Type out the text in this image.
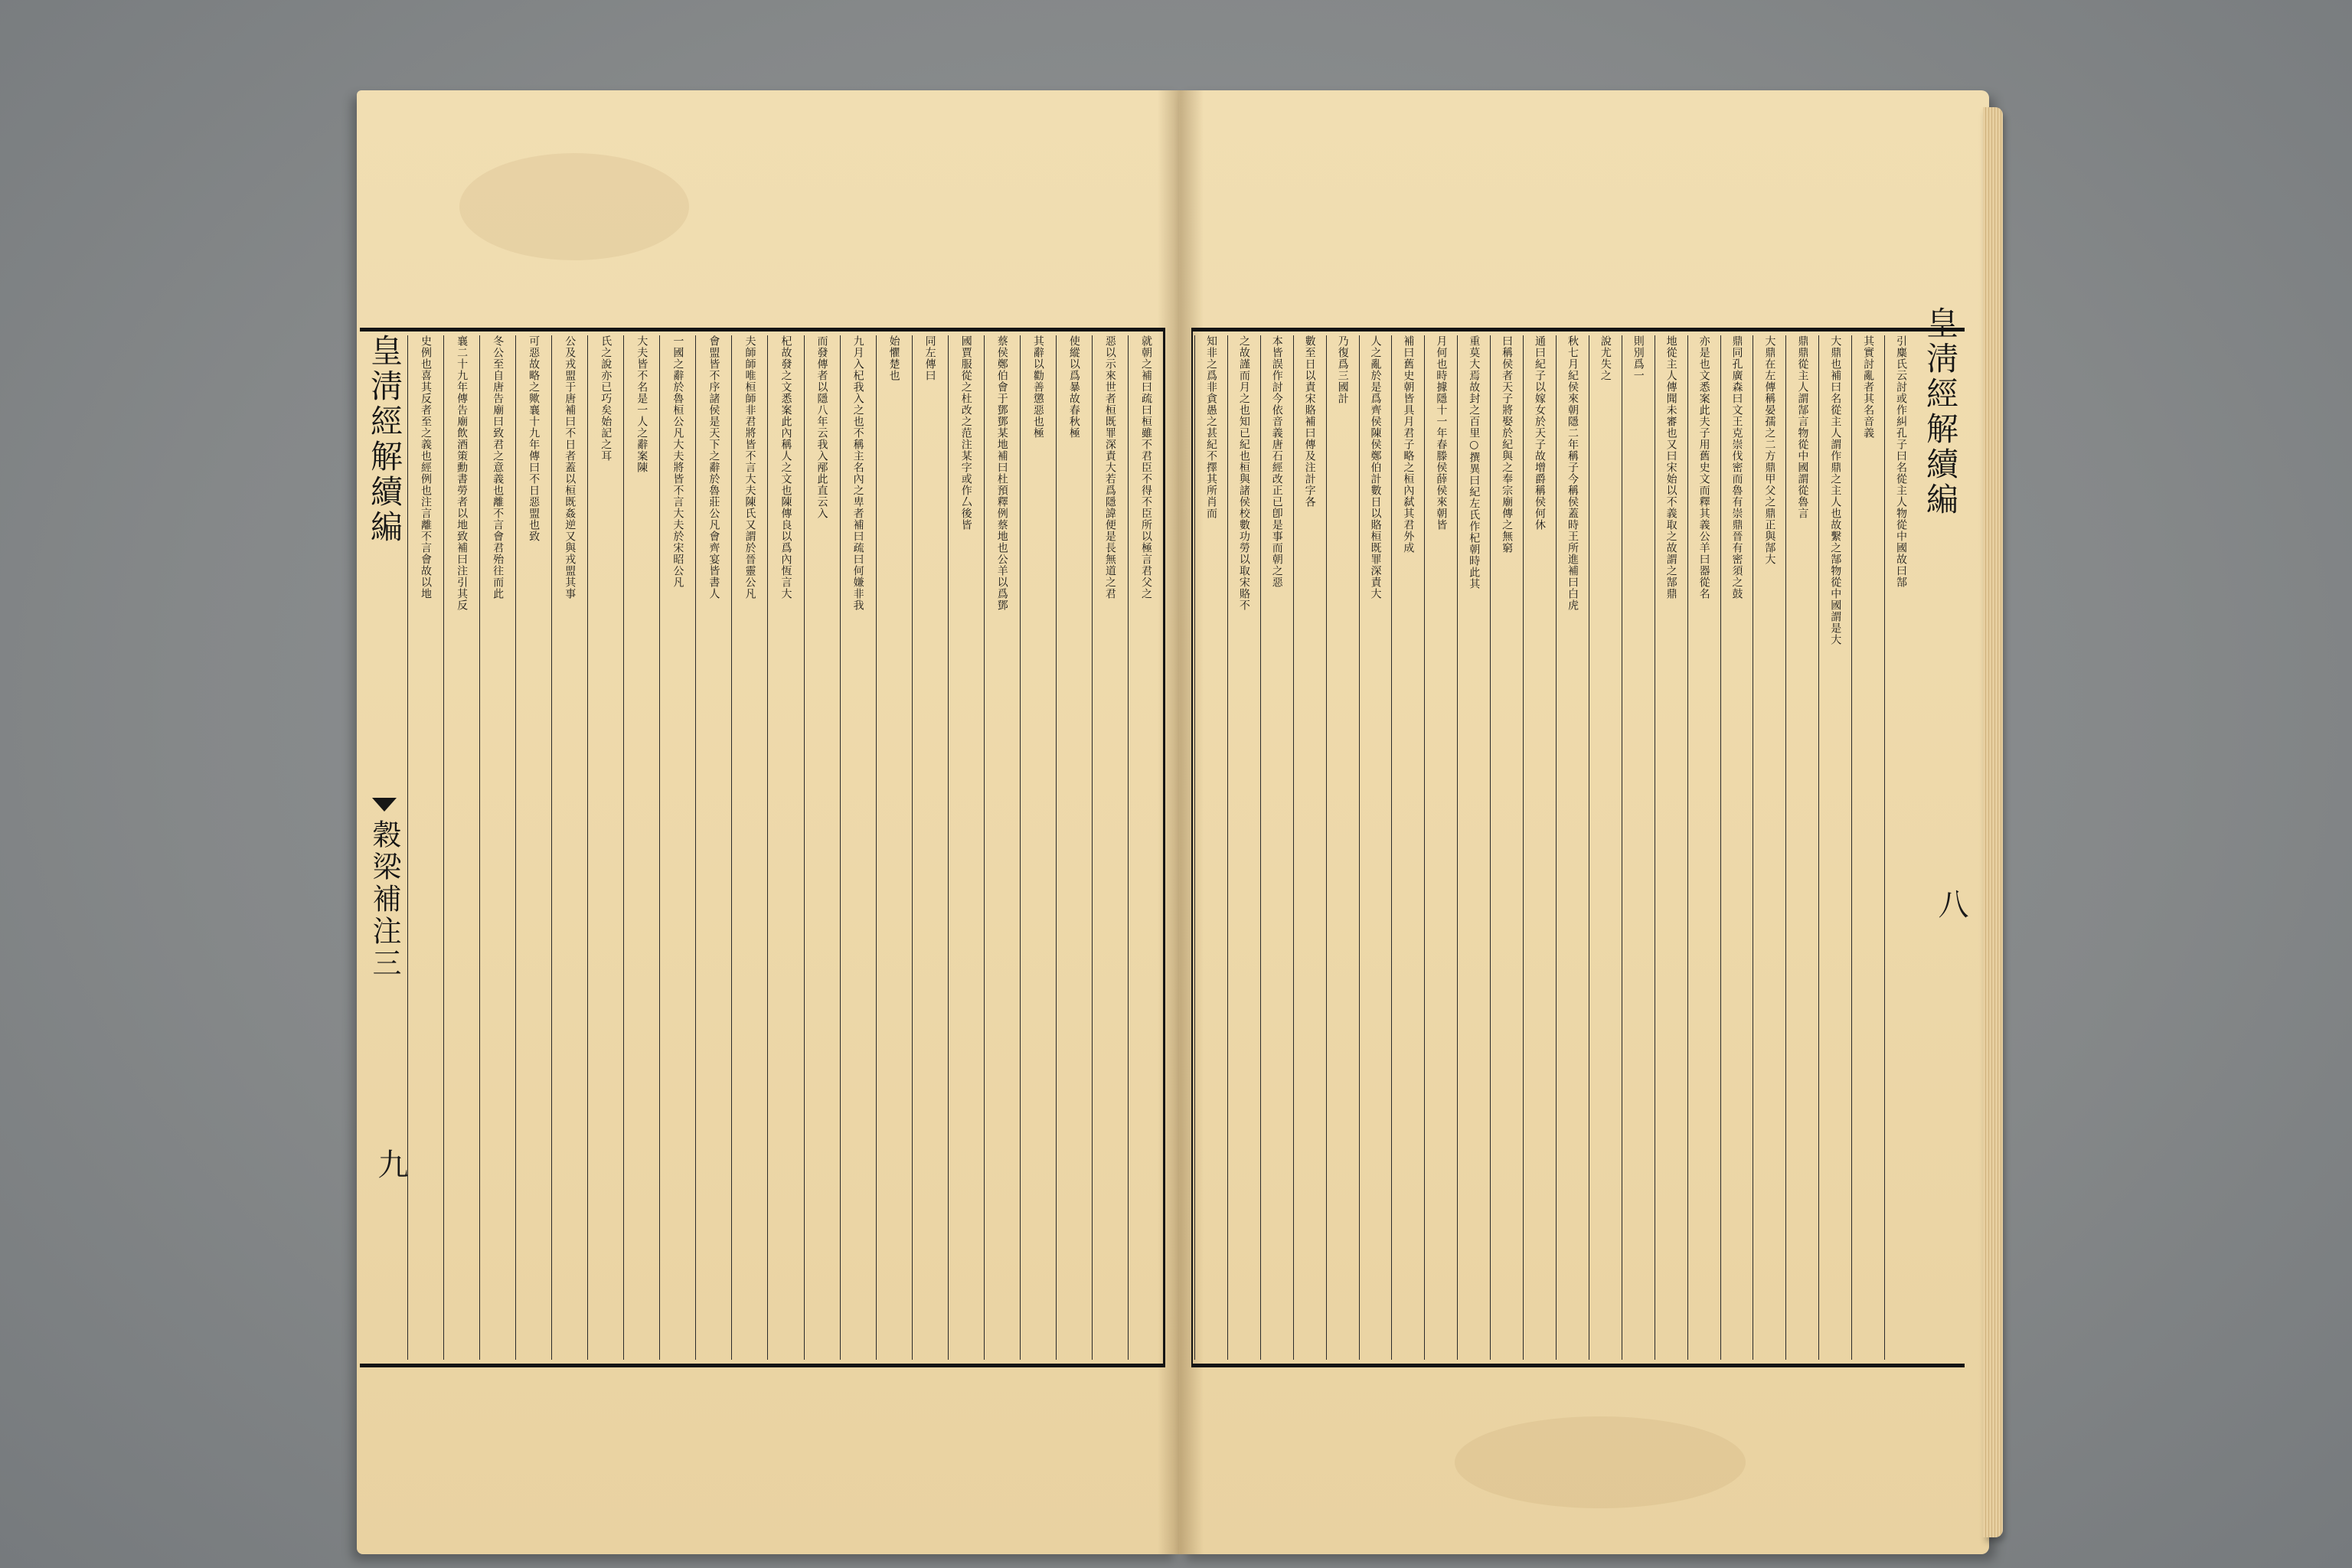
皇淸經解續編
穀梁補注三
九
皇淸經解續編
八
就朝之補曰疏曰桓雖不君臣不得不臣所以極言君父之
惡以示來世者桓既罪深責大若爲隱諱便是長無道之君
使縱以爲暴故春秋極
其辭以勸善懲惡也極
蔡侯鄭伯會于鄧鄧某地補曰杜預釋例蔡地也公羊以爲鄧
國賈服從之杜改之范注某字或作厶後皆
同左傳曰
始懼楚也
九月入杞我入之也不稱主名內之卑者補曰疏曰何嫌非我
而發傳者以隱八年云我入邴此直云入
杞故發之文悉案此內稱人之文也陳傳良以爲內恆言大
夫師師唯桓師非君將皆不言大夫陳氏又謂於晉靈公凡
會盟皆不序諸侯是天下之辭於魯莊公凡會齊宴皆書人
一國之辭於魯桓公凡大夫將皆不言大夫於宋昭公凡
大夫皆不名是一人之辭案陳
氏之說亦已巧矣始記之耳
公及戎盟于唐補曰不日者蓋以桓既姦逆又與戎盟其事
可惡故略之歟襄十九年傳曰不日惡盟也致
冬公至自唐告廟曰致君之意義也離不言會君殆往而此
襄二十九年傳告廟飲酒策勳書勞者以地致補曰注引其反
史例也喜其反者至之義也經例也注言離不言會故以地	引麋氏云討或作糾孔子曰名從主人物從中國故曰郜
其實討亂者其名音義
大鼎也補曰名從主人謂作鼎之主人也故繫之郜物從中國謂是大
鼎鼎從主人謂郜言物從中國謂從魯言
大鼎在左傳稱晏孺之二方鼎甲父之鼎正與郜大
鼎同孔廣森曰文王克崇伐密而魯有崇鼎晉有密須之鼓
亦是也文悉案此夫子用舊史文而釋其義公羊曰器從名
地從主人傳聞未審也又曰宋始以不義取之故謂之郜鼎
則別爲一
說尤失之
秋七月紀侯來朝隱二年稱子今稱侯蓋時王所進補曰白虎
通曰紀子以嫁女於天子故增爵稱侯何休
曰稱侯者天子將娶於紀與之奉宗廟傳之無窮
重莫大焉故封之百里○撰異曰紀左氏作杞朝時此其
月何也時據隱十一年春滕侯薛侯來朝皆
補曰舊史朝皆具月君子略之桓內弑其君外成
人之亂於是爲齊侯陳侯鄭伯計數日以賂桓既罪深責大
乃復爲三國計
數至日以責宋賂補曰傳及注計字各
本皆誤作討今依音義唐石經改正已卽是事而朝之惡
之故謹而月之也知已紀也桓與諸侯校數功勞以取宋賂不
知非之爲非貪愚之甚紀不擇其所肖而
